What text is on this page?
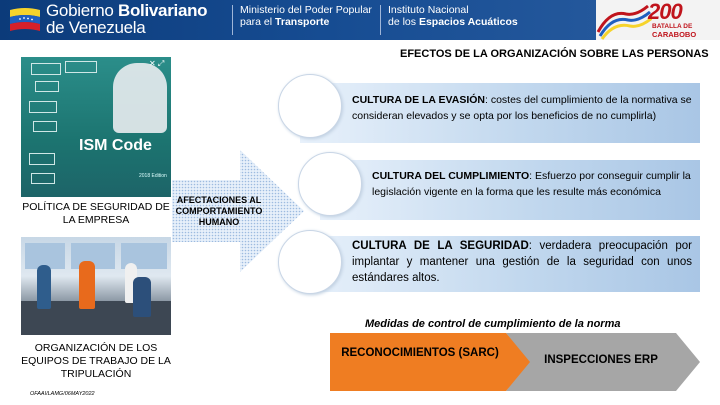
Gobierno Bolivariano
de Venezuela
Ministerio del Poder Popular
para el Transporte
Instituto Nacional
de los Espacios Acuáticos	200
BATALLA DE
CARABOBO
EFECTOS DE LA ORGANIZACIÓN SOBRE LAS PERSONAS
✕ ⤢
ISM Code
2018 Edition
POLÍTICA DE SEGURIDAD DE LA EMPRESA
ORGANIZACIÓN DE LOS EQUIPOS DE TRABAJO DE LA TRIPULACIÓN
AFECTACIONES AL COMPORTAMIENTO HUMANO
CULTURA DE LA EVASIÓN: costes del cumplimiento de la normativa se consideran elevados y se opta por los beneficios de no cumplirla)
CULTURA DEL CUMPLIMIENTO: Esfuerzo por conseguir cumplir la legislación vigente en la forma que les resulte más económica
CULTURA DE LA SEGURIDAD: verdadera preocupación por implantar y mantener una gestión de la seguridad con unos estándares altos.
Medidas de control de cumplimiento de la norma
RECONOCIMIENTOS (SARC)
INSPECCIONES ERP
OFAAI/LAMG/06MAY2022
